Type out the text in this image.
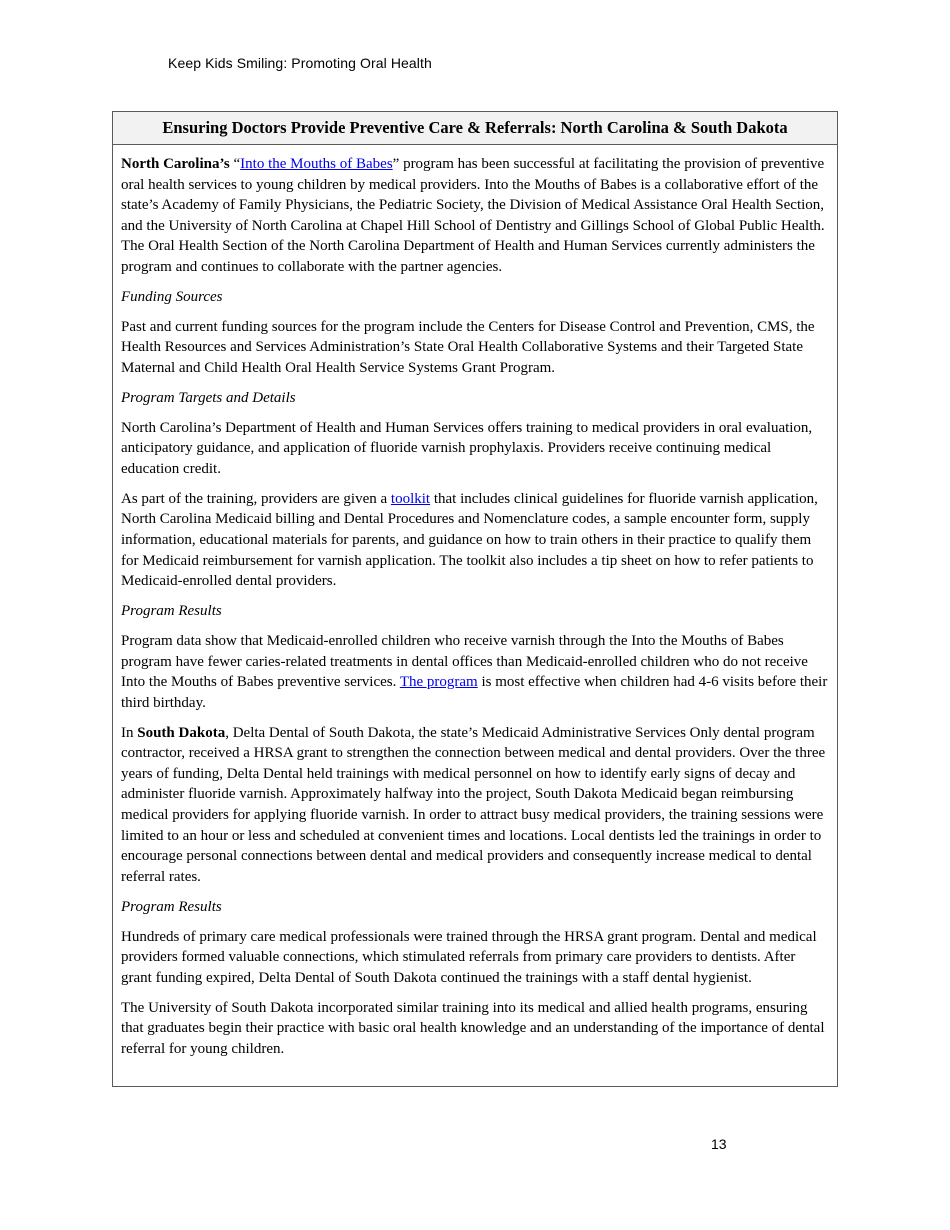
Keep Kids Smiling: Promoting Oral Health
Ensuring Doctors Provide Preventive Care & Referrals: North Carolina & South Dakota

North Carolina’s “Into the Mouths of Babes” program has been successful at facilitating the provision of preventive oral health services to young children by medical providers. Into the Mouths of Babes is a collaborative effort of the state’s Academy of Family Physicians, the Pediatric Society, the Division of Medical Assistance Oral Health Section, and the University of North Carolina at Chapel Hill School of Dentistry and Gillings School of Global Public Health. The Oral Health Section of the North Carolina Department of Health and Human Services currently administers the program and continues to collaborate with the partner agencies.

Funding Sources

Past and current funding sources for the program include the Centers for Disease Control and Prevention, CMS, the Health Resources and Services Administration’s State Oral Health Collaborative Systems and their Targeted State Maternal and Child Health Oral Health Service Systems Grant Program.

Program Targets and Details

North Carolina’s Department of Health and Human Services offers training to medical providers in oral evaluation, anticipatory guidance, and application of fluoride varnish prophylaxis. Providers receive continuing medical education credit.

As part of the training, providers are given a toolkit that includes clinical guidelines for fluoride varnish application, North Carolina Medicaid billing and Dental Procedures and Nomenclature codes, a sample encounter form, supply information, educational materials for parents, and guidance on how to train others in their practice to qualify them for Medicaid reimbursement for varnish application. The toolkit also includes a tip sheet on how to refer patients to Medicaid-enrolled dental providers.

Program Results

Program data show that Medicaid-enrolled children who receive varnish through the Into the Mouths of Babes program have fewer caries-related treatments in dental offices than Medicaid-enrolled children who do not receive Into the Mouths of Babes preventive services. The program is most effective when children had 4-6 visits before their third birthday.

In South Dakota, Delta Dental of South Dakota, the state’s Medicaid Administrative Services Only dental program contractor, received a HRSA grant to strengthen the connection between medical and dental providers. Over the three years of funding, Delta Dental held trainings with medical personnel on how to identify early signs of decay and administer fluoride varnish. Approximately halfway into the project, South Dakota Medicaid began reimbursing medical providers for applying fluoride varnish. In order to attract busy medical providers, the training sessions were limited to an hour or less and scheduled at convenient times and locations. Local dentists led the trainings in order to encourage personal connections between dental and medical providers and consequently increase medical to dental referral rates.

Program Results

Hundreds of primary care medical professionals were trained through the HRSA grant program. Dental and medical providers formed valuable connections, which stimulated referrals from primary care providers to dentists. After grant funding expired, Delta Dental of South Dakota continued the trainings with a staff dental hygienist.

The University of South Dakota incorporated similar training into its medical and allied health programs, ensuring that graduates begin their practice with basic oral health knowledge and an understanding of the importance of dental referral for young children.

13
